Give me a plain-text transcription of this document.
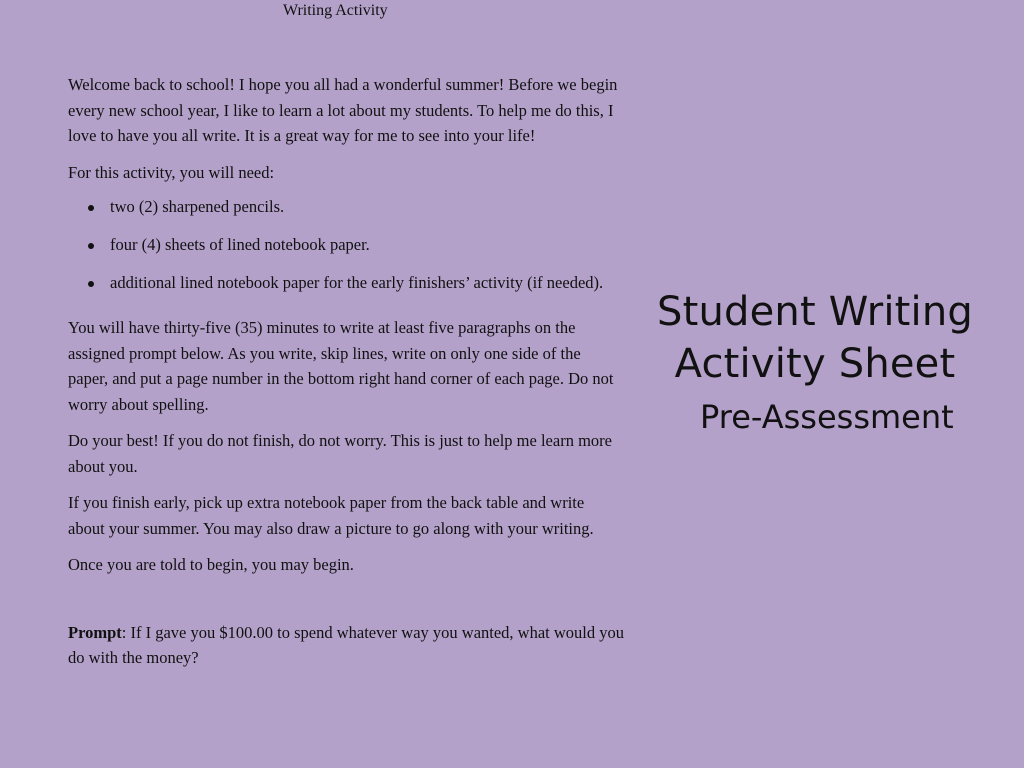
Writing Activity

Welcome back to school! I hope you all had a wonderful summer! Before we begin every new school year, I like to learn a lot about my students. To help me do this, I love to have you all write. It is a great way for me to see into your life!

For this activity, you will need:

two (2) sharpened pencils.
four (4) sheets of lined notebook paper.
additional lined notebook paper for the early finishers’ activity (if needed).

You will have thirty-five (35) minutes to write at least five paragraphs on the assigned prompt below. As you write, skip lines, write on only one side of the paper, and put a page number in the bottom right hand corner of each page. Do not worry about spelling.

Do your best! If you do not finish, do not worry. This is just to help me learn more about you.

If you finish early, pick up extra notebook paper from the back table and write about your summer. You may also draw a picture to go along with your writing.

Once you are told to begin, you may begin.

Prompt: If I gave you $100.00 to spend whatever way you wanted, what would you do with the money?

Student Writing
Activity Sheet
Pre-Assessment
